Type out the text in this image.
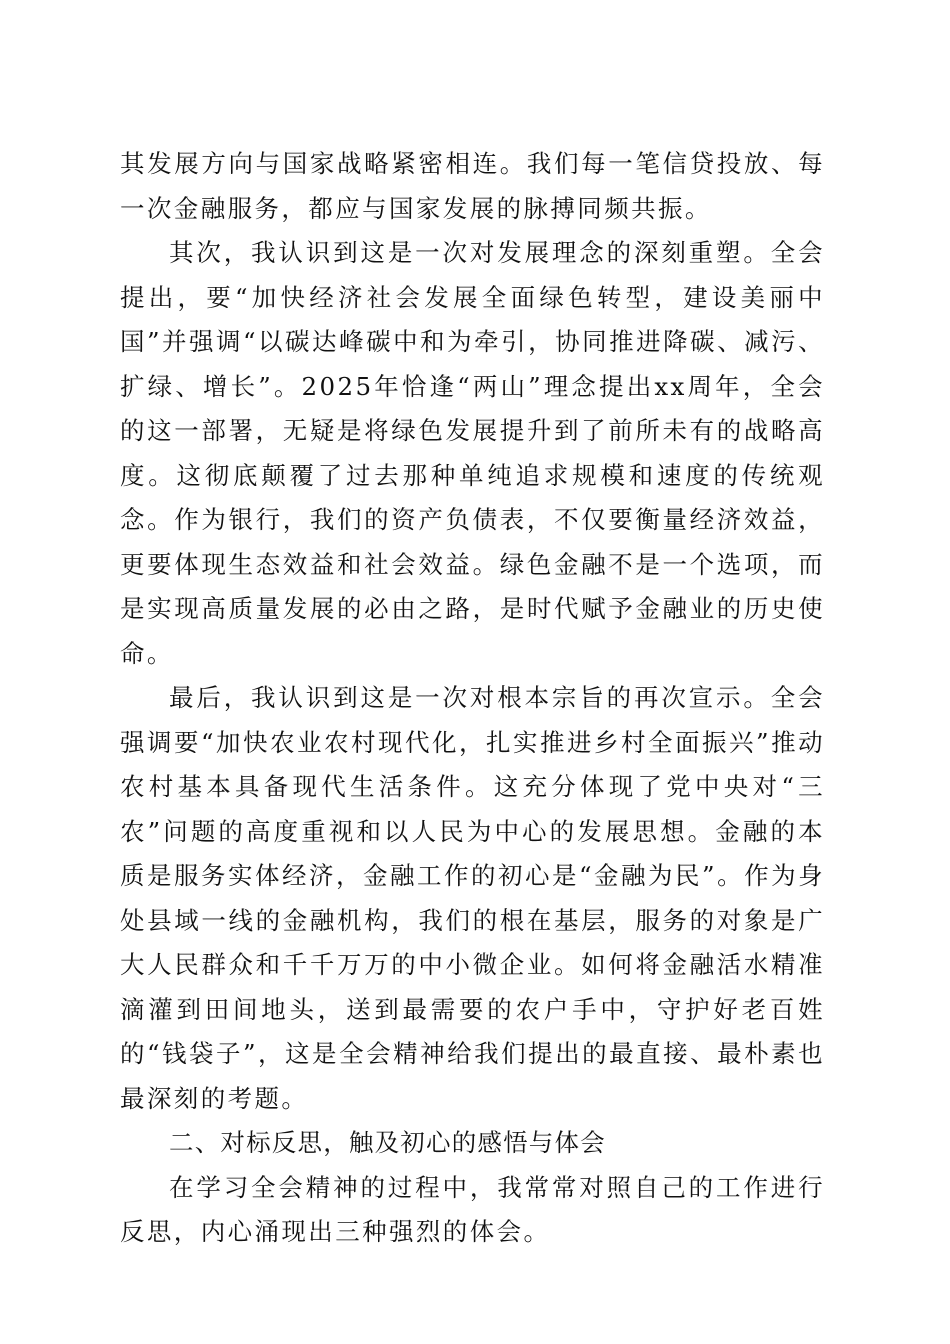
其发展方向与国家战略紧密相连。我们每一笔信贷投放、每一次金融服务，都应与国家发展的脉搏同频共振。

其次，我认识到这是一次对发展理念的深刻重塑。全会提出，要“加快经济社会发展全面绿色转型，建设美丽中国”并强调“以碳达峰碳中和为牵引，协同推进降碳、减污、扩绿、增长”。2025年恰逢“两山”理念提出xx周年，全会的这一部署，无疑是将绿色发展提升到了前所未有的战略高度。这彻底颠覆了过去那种单纯追求规模和速度的传统观念。作为银行，我们的资产负债表，不仅要衡量经济效益，更要体现生态效益和社会效益。绿色金融不是一个选项，而是实现高质量发展的必由之路，是时代赋予金融业的历史使命。

最后，我认识到这是一次对根本宗旨的再次宣示。全会强调要“加快农业农村现代化，扎实推进乡村全面振兴”推动农村基本具备现代生活条件。这充分体现了党中央对“三农”问题的高度重视和以人民为中心的发展思想。金融的本质是服务实体经济，金融工作的初心是“金融为民”。作为身处县域一线的金融机构，我们的根在基层，服务的对象是广大人民群众和千千万万的中小微企业。如何将金融活水精准滴灌到田间地头，送到最需要的农户手中，守护好老百姓的“钱袋子”，这是全会精神给我们提出的最直接、最朴素也最深刻的考题。

二、对标反思，触及初心的感悟与体会

在学习全会精神的过程中，我常常对照自己的工作进行反思，内心涌现出三种强烈的体会。
